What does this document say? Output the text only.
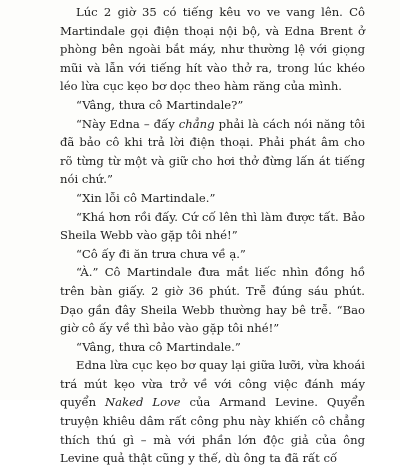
Lúc 2 giờ 35 có tiếng kêu vo ve vang lên. Cô Martindale gọi điện thoại nội bộ, và Edna Brent ở phòng bên ngoài bắt máy, như thường lệ với giọng mũi và lẫn với tiếng hít vào thở ra, trong lúc khéo léo lừa cục kẹo bơ dọc theo hàm răng của mình.

“Vâng, thưa cô Martindale?”

“Này Edna – đấy chẳng phải là cách nói năng tôi đã bảo cô khi trả lời điện thoại. Phải phát âm cho rõ từng từ một và giữ cho hơi thở đừng lấn át tiếng nói chứ.”

“Xin lỗi cô Martindale.”

“Khá hơn rồi đấy. Cứ cố lên thì làm được tất. Bảo Sheila Webb vào gặp tôi nhé!”

“Cô ấy đi ăn trưa chưa về ạ.”

“À.” Cô Martindale đưa mắt liếc nhìn đồng hồ trên bàn giấy. 2 giờ 36 phút. Trễ đúng sáu phút. Dạo gần đây Sheila Webb thường hay bê trễ. “Bao giờ cô ấy về thì bảo vào gặp tôi nhé!”

“Vâng, thưa cô Martindale.”

Edna lừa cục kẹo bơ quay lại giữa lưỡi, vừa khoái trá mút kẹo vừa trở về với công việc đánh máy quyển Naked Love của Armand Levine. Quyển truyện khiêu dâm rất công phu này khiến cô chẳng thích thú gì – mà với phần lớn độc giả của ông Levine quả thật cũng y thế, dù ông ta đã rất cố
